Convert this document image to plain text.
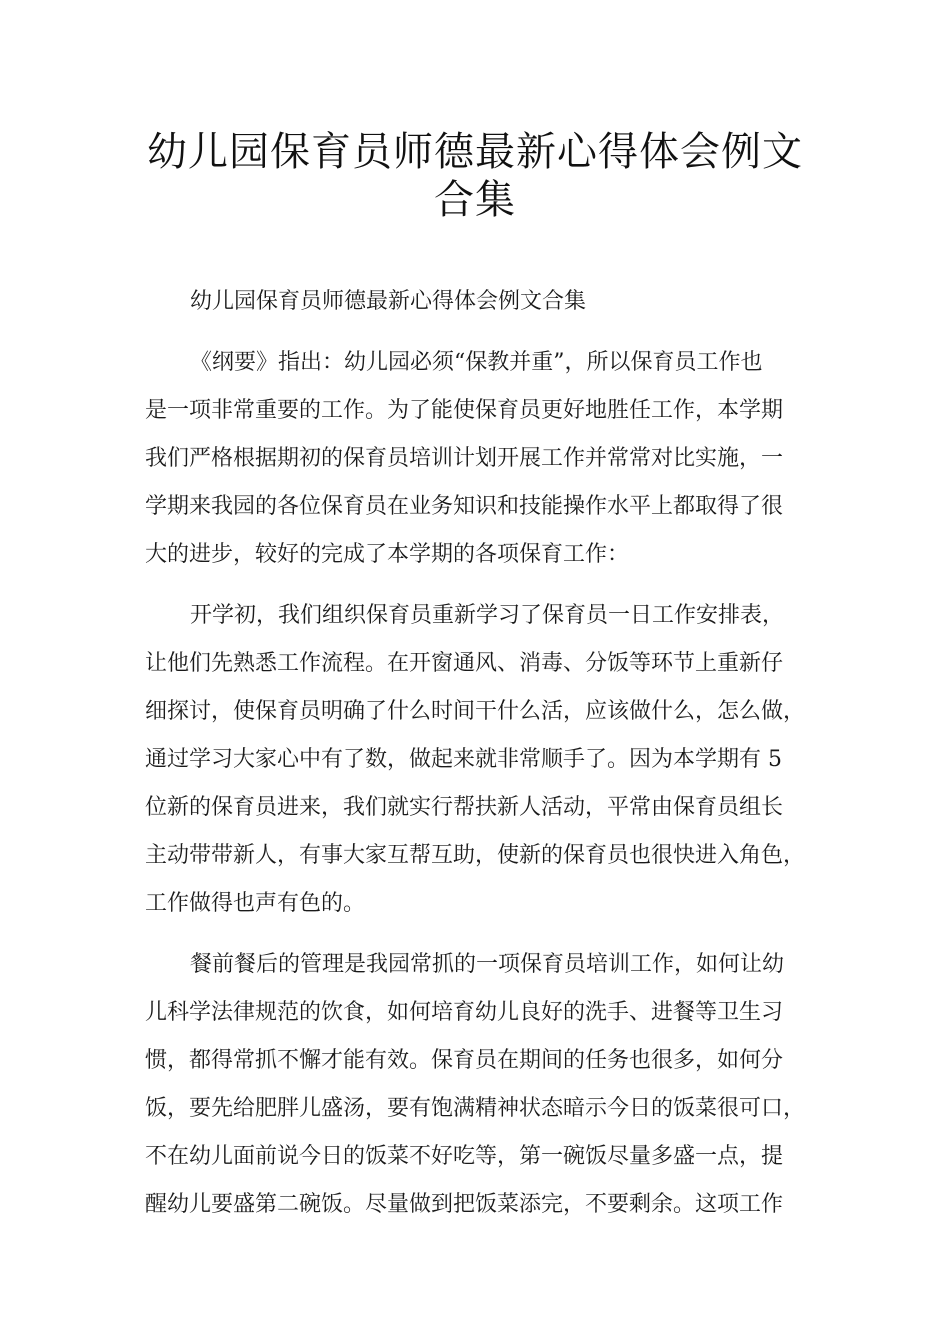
幼儿园保育员师德最新心得体会例文合集
幼儿园保育员师德最新心得体会例文合集
《纲要》指出：幼儿园必须“保教并重”，所以保育员工作也
是一项非常重要的工作。为了能使保育员更好地胜任工作，本学期
我们严格根据期初的保育员培训计划开展工作并常常对比实施，一
学期来我园的各位保育员在业务知识和技能操作水平上都取得了很
大的进步，较好的完成了本学期的各项保育工作：
开学初，我们组织保育员重新学习了保育员一日工作安排表，
让他们先熟悉工作流程。在开窗通风、消毒、分饭等环节上重新仔
细探讨，使保育员明确了什么时间干什么活，应该做什么，怎么做，
通过学习大家心中有了数，做起来就非常顺手了。因为本学期有 5
位新的保育员进来，我们就实行帮扶新人活动，平常由保育员组长
主动带带新人，有事大家互帮互助，使新的保育员也很快进入角色，
工作做得也声有色的。
餐前餐后的管理是我园常抓的一项保育员培训工作，如何让幼
儿科学法律规范的饮食，如何培育幼儿良好的洗手、进餐等卫生习
惯，都得常抓不懈才能有效。保育员在期间的任务也很多，如何分
饭，要先给肥胖儿盛汤，要有饱满精神状态暗示今日的饭菜很可口，
不在幼儿面前说今日的饭菜不好吃等，第一碗饭尽量多盛一点，提
醒幼儿要盛第二碗饭。尽量做到把饭菜添完，不要剩余。这项工作
